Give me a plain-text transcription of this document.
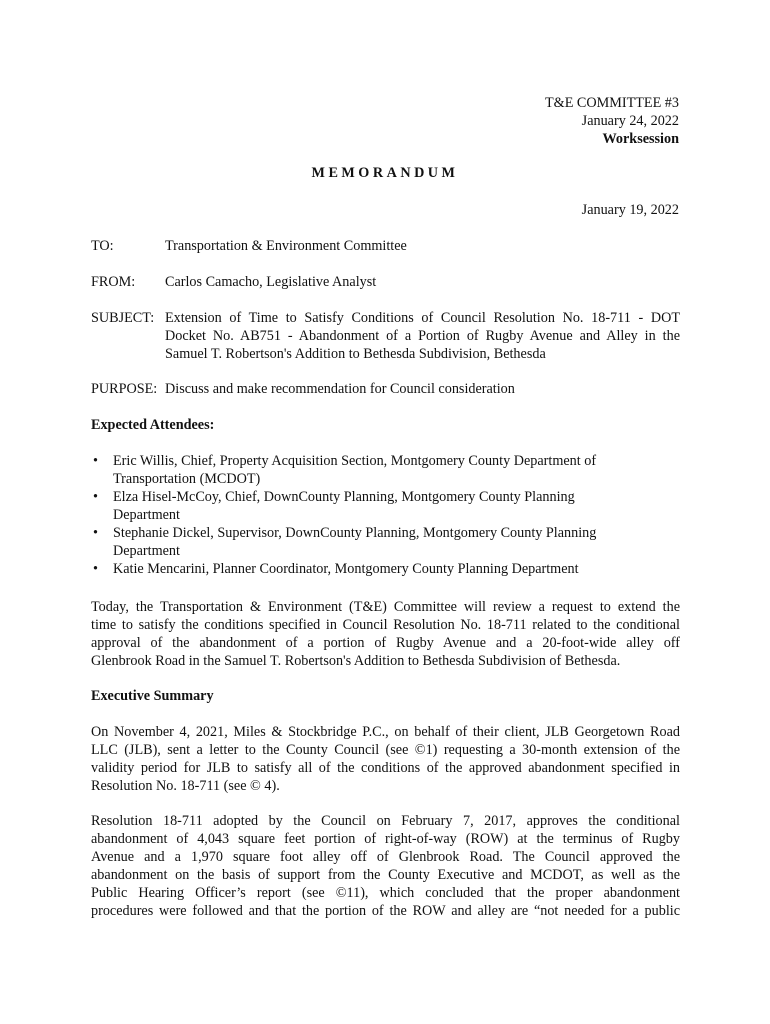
T&E COMMITTEE #3
January 24, 2022
Worksession
MEMORANDUM
January 19, 2022
TO:	Transportation & Environment Committee
FROM: Carlos Camacho, Legislative Analyst
SUBJECT: Extension of Time to Satisfy Conditions of Council Resolution No. 18-711 - DOT
Docket No. AB751 - Abandonment of a Portion of Rugby Avenue and Alley in the
Samuel T. Robertson's Addition to Bethesda Subdivision, Bethesda
PURPOSE: Discuss and make recommendation for Council consideration
Expected Attendees:
• Eric Willis, Chief, Property Acquisition Section, Montgomery County Department of
Transportation (MCDOT)
• Elza Hisel-McCoy, Chief, DownCounty Planning, Montgomery County Planning
Department
• Stephanie Dickel, Supervisor, DownCounty Planning, Montgomery County Planning
Department
• Katie Mencarini, Planner Coordinator, Montgomery County Planning Department
Today, the Transportation & Environment (T&E) Committee will review a request to extend the
time to satisfy the conditions specified in Council Resolution No. 18-711 related to the conditional
approval of the abandonment of a portion of Rugby Avenue and a 20-foot-wide alley off
Glenbrook Road in the Samuel T. Robertson's Addition to Bethesda Subdivision of Bethesda.
Executive Summary
On November 4, 2021, Miles & Stockbridge P.C., on behalf of their client, JLB Georgetown Road
LLC (JLB), sent a letter to the County Council (see ©1) requesting a 30-month extension of the
validity period for JLB to satisfy all of the conditions of the approved abandonment specified in
Resolution No. 18-711 (see © 4).
Resolution 18-711 adopted by the Council on February 7, 2017, approves the conditional
abandonment of 4,043 square feet portion of right-of-way (ROW) at the terminus of Rugby
Avenue and a 1,970 square foot alley off of Glenbrook Road. The Council approved the
abandonment on the basis of support from the County Executive and MCDOT, as well as the
Public Hearing Officer’s report (see ©11), which concluded that the proper abandonment
procedures were followed and that the portion of the ROW and alley are “not needed for a public
